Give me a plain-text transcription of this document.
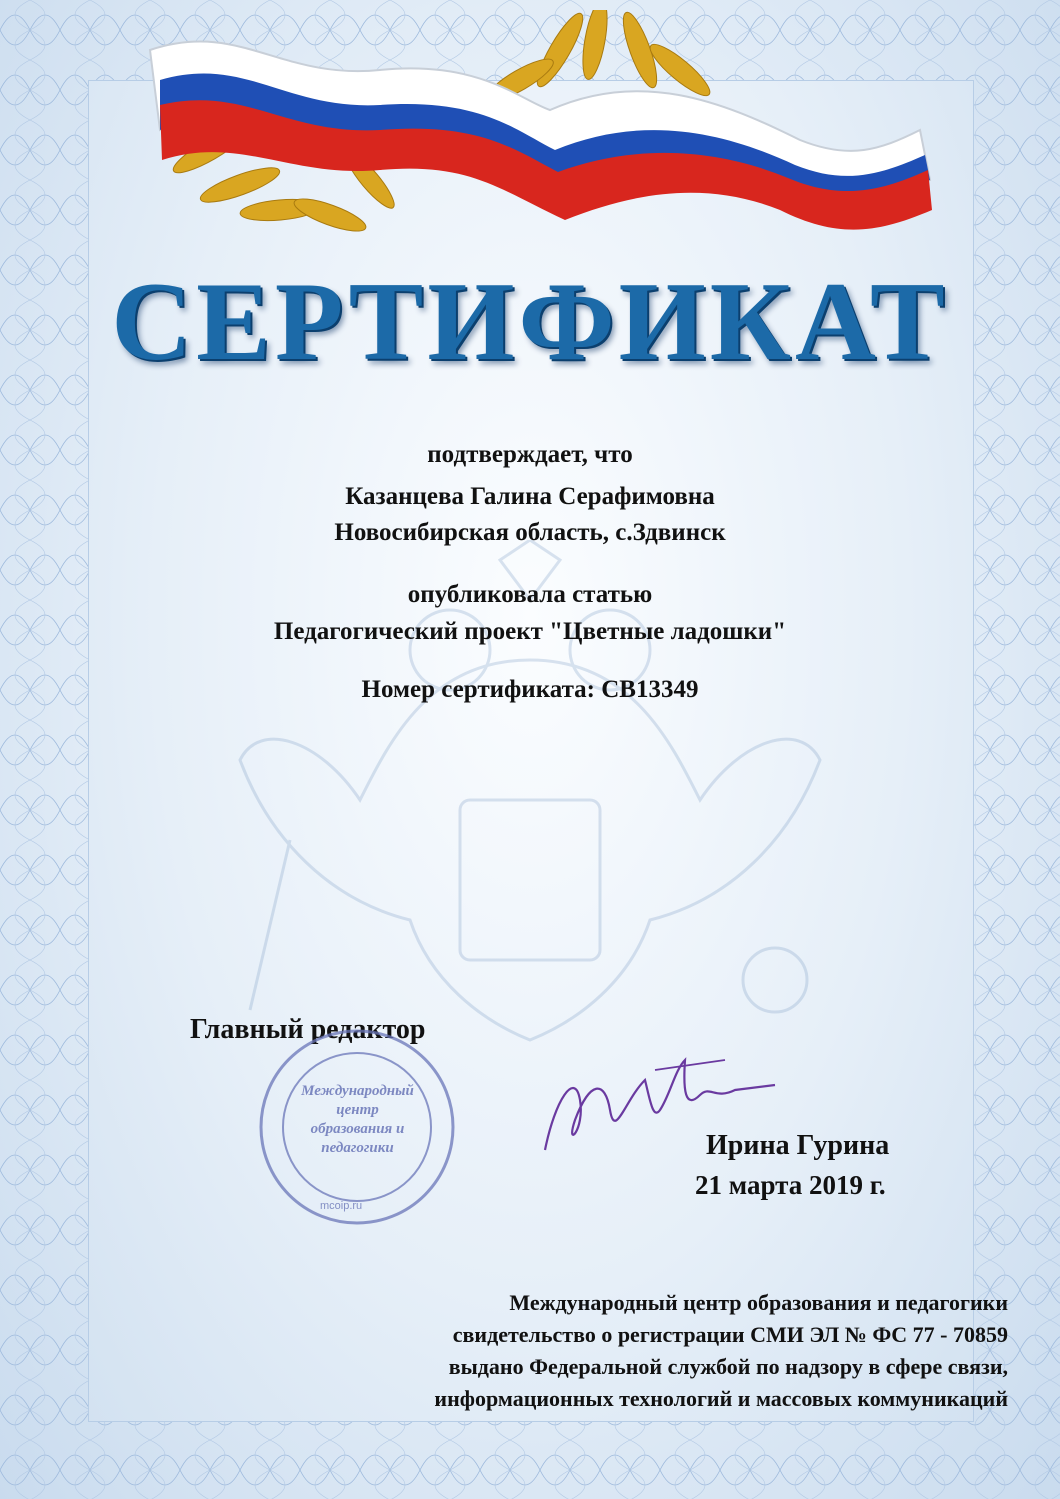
СЕРТИФИКАТ
подтверждает, что
Казанцева Галина Серафимовна
Новосибирская область, с.Здвинск
опубликовала статью
Педагогический проект "Цветные ладошки"
Номер сертификата: СВ13349
Главный редактор
Международный
центр
образования и
педагогики
mcoip.ru
Ирина Гурина
21 марта 2019 г.
Международный центр образования и педагогики
свидетельство о регистрации СМИ ЭЛ № ФС 77 - 70859
выдано Федеральной службой по надзору в сфере связи,
информационных технологий и массовых коммуникаций
